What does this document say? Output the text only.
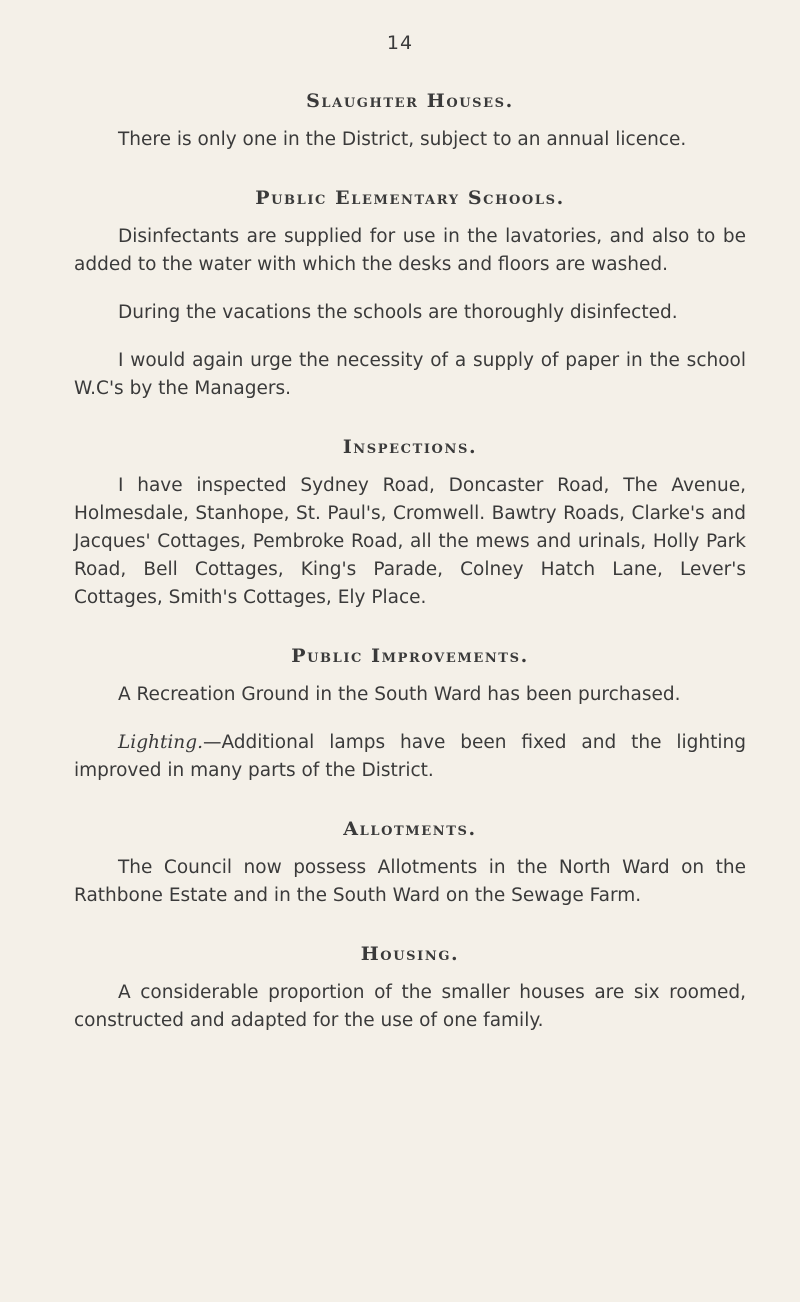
14
Slaughter Houses.

There is only one in the District, subject to an annual licence.

Public Elementary Schools.

Disinfectants are supplied for use in the lavatories, and also to be added to the water with which the desks and floors are washed.

During the vacations the schools are thoroughly disinfected.

I would again urge the necessity of a supply of paper in the school W.C's by the Managers.

Inspections.

I have inspected Sydney Road, Doncaster Road, The Avenue, Holmesdale, Stanhope, St. Paul's, Cromwell. Bawtry Roads, Clarke's and Jacques' Cottages, Pembroke Road, all the mews and urinals, Holly Park Road, Bell Cottages, King's Parade, Colney Hatch Lane, Lever's Cottages, Smith's Cottages, Ely Place.

Public Improvements.

A Recreation Ground in the South Ward has been purchased.

Lighting.—Additional lamps have been fixed and the lighting improved in many parts of the District.

Allotments.

The Council now possess Allotments in the North Ward on the Rathbone Estate and in the South Ward on the Sewage Farm.

Housing.

A considerable proportion of the smaller houses are six roomed, constructed and adapted for the use of one family.
